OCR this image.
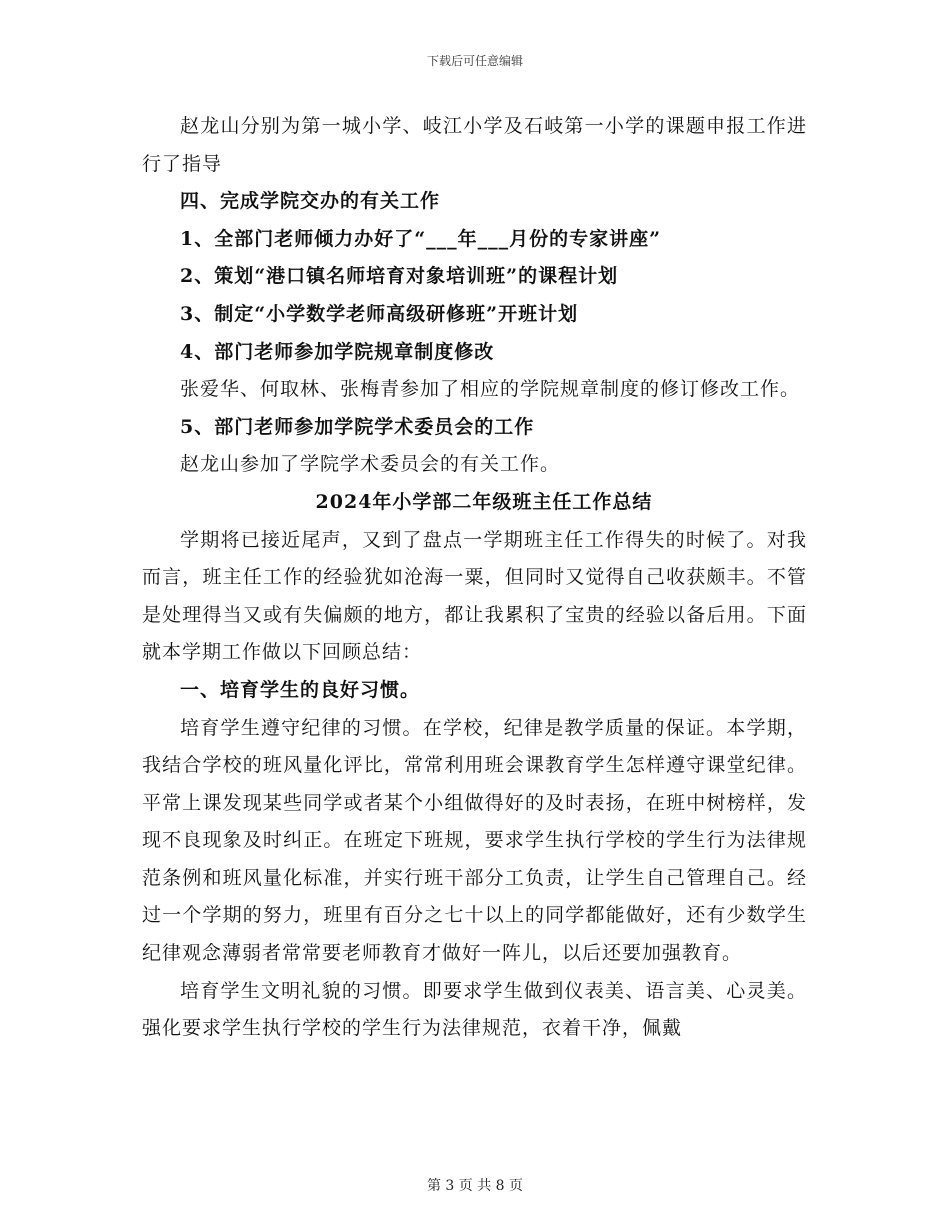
下载后可任意编辑

赵龙山分别为第一城小学、岐江小学及石岐第一小学的课题申报工作进行了指导

四、完成学院交办的有关工作

1、全部门老师倾力办好了“___年___月份的专家讲座”

2、策划“港口镇名师培育对象培训班”的课程计划

3、制定“小学数学老师高级研修班”开班计划

4、部门老师参加学院规章制度修改

张爱华、何取林、张梅青参加了相应的学院规章制度的修订修改工作。

5、部门老师参加学院学术委员会的工作

赵龙山参加了学院学术委员会的有关工作。

2024年小学部二年级班主任工作总结

学期将已接近尾声，又到了盘点一学期班主任工作得失的时候了。对我而言，班主任工作的经验犹如沧海一粟，但同时又觉得自己收获颇丰。不管是处理得当又或有失偏颇的地方，都让我累积了宝贵的经验以备后用。下面就本学期工作做以下回顾总结：

一、培育学生的良好习惯。

培育学生遵守纪律的习惯。在学校，纪律是教学质量的保证。本学期，我结合学校的班风量化评比，常常利用班会课教育学生怎样遵守课堂纪律。平常上课发现某些同学或者某个小组做得好的及时表扬，在班中树榜样，发现不良现象及时纠正。在班定下班规，要求学生执行学校的学生行为法律规范条例和班风量化标准，并实行班干部分工负责，让学生自己管理自己。经过一个学期的努力，班里有百分之七十以上的同学都能做好，还有少数学生纪律观念薄弱者常常要老师教育才做好一阵儿，以后还要加强教育。

培育学生文明礼貌的习惯。即要求学生做到仪表美、语言美、心灵美。强化要求学生执行学校的学生行为法律规范，衣着干净，佩戴

第 3 页 共 8 页
